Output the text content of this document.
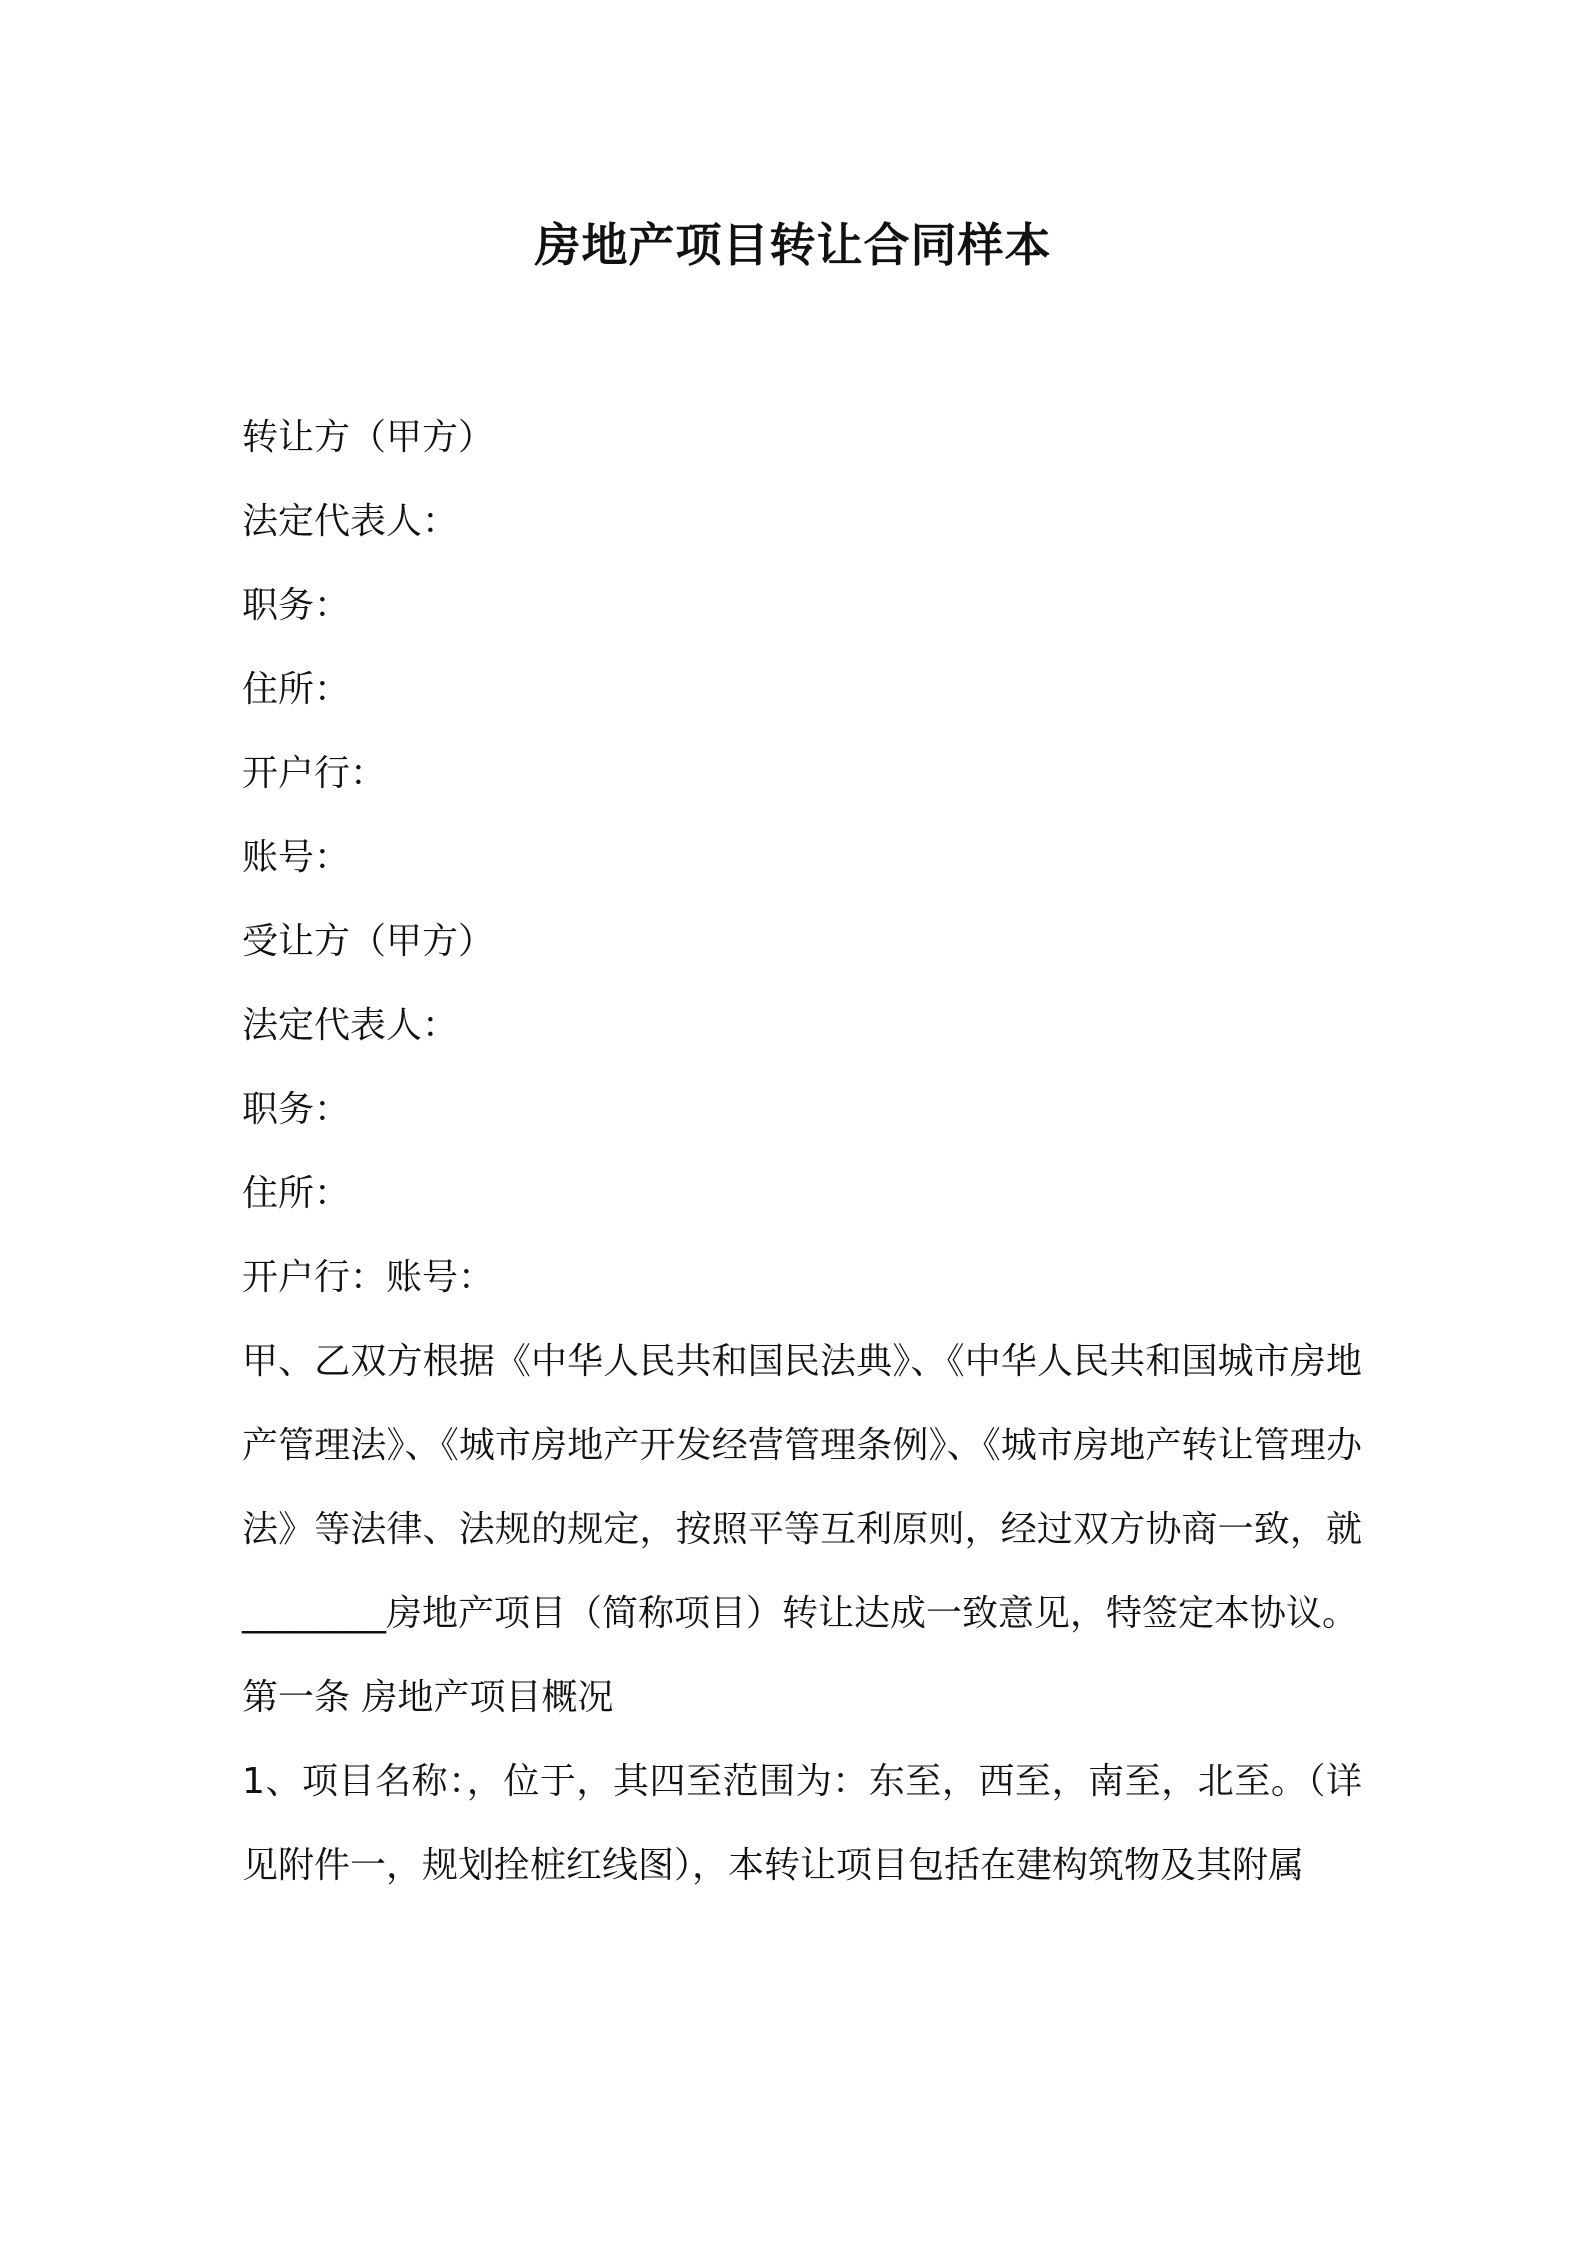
房地产项目转让合同样本
转让方（甲方）
法定代表人：
职务：
住所：
开户行：
账号：
受让方（甲方）
法定代表人：
职务：
住所：
开户行：账号：
甲、乙双方根据《中华人民共和国民法典》、《中华人民共和国城市房地产管理法》、《城市房地产开发经营管理条例》、《城市房地产转让管理办法》等法律、法规的规定，按照平等互利原则，经过双方协商一致，就________房地产项目（简称项目）转让达成一致意见，特签定本协议。
第一条 房地产项目概况
1、项目名称：，位于，其四至范围为：东至，西至，南至，北至。（详见附件一，规划拴桩红线图），本转让项目包括在建构筑物及其附属
